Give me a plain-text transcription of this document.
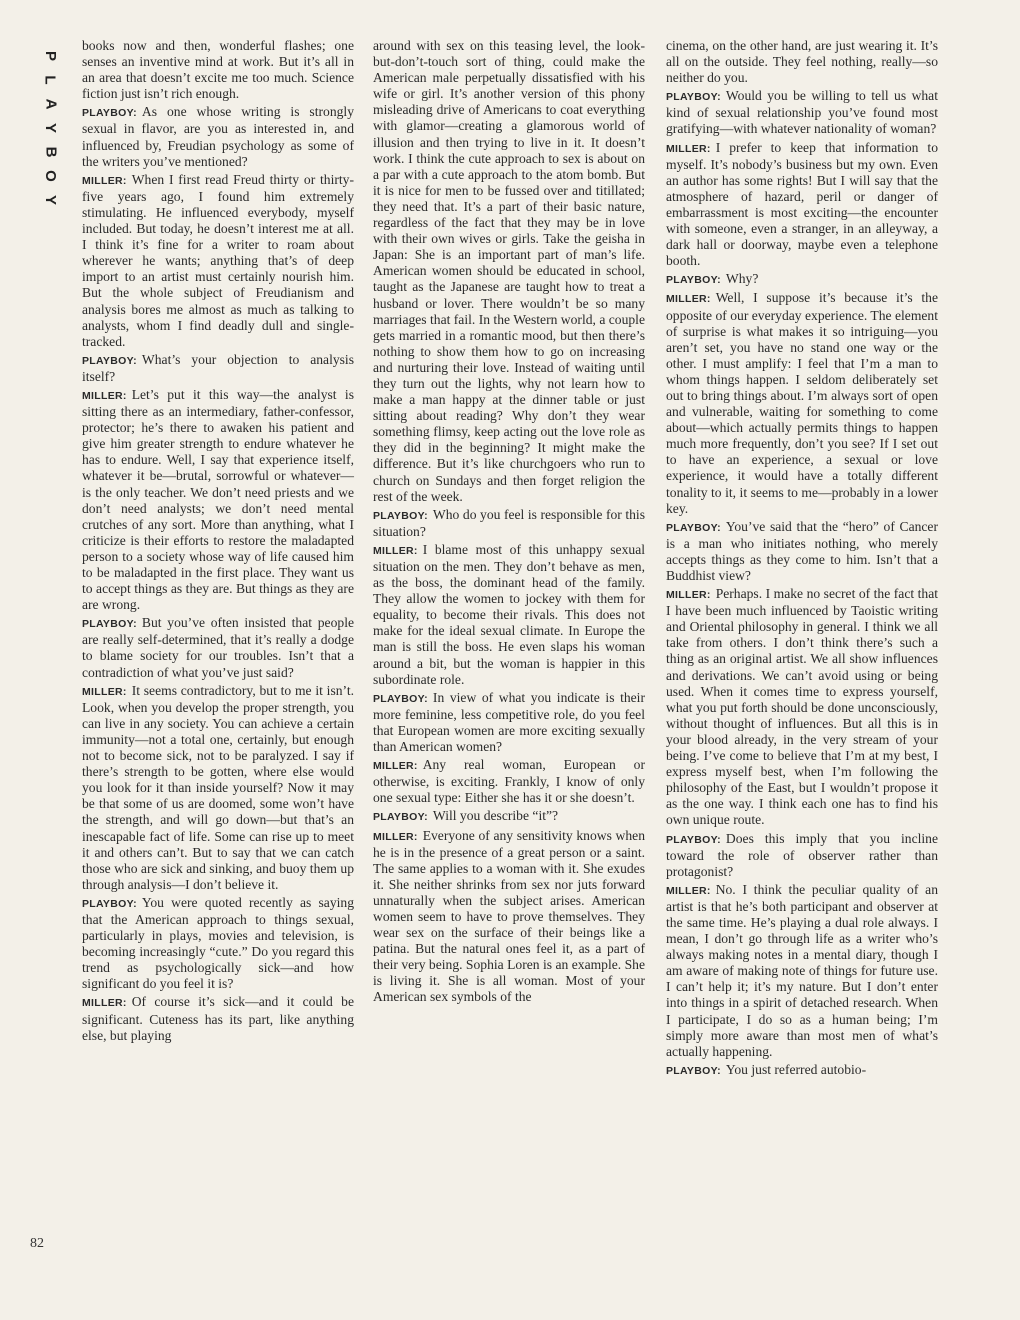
P
L
A
Y
B
O
Y

books now and then, wonderful flashes; one senses an inventive mind at work. But it’s all in an area that doesn’t excite me too much. Science fiction just isn’t rich enough.

PLAYBOY: As one whose writing is strongly sexual in flavor, are you as interested in, and influenced by, Freudian psychology as some of the writers you’ve mentioned?

MILLER: When I first read Freud thirty or thirty-five years ago, I found him extremely stimulating. He influenced everybody, myself included. But today, he doesn’t interest me at all. I think it’s fine for a writer to roam about wherever he wants; anything that’s of deep import to an artist must certainly nourish him. But the whole subject of Freudianism and analysis bores me almost as much as talking to analysts, whom I find deadly dull and single-tracked.

PLAYBOY: What’s your objection to analysis itself?

MILLER: Let’s put it this way—the analyst is sitting there as an intermediary, father-confessor, protector; he’s there to awaken his patient and give him greater strength to endure whatever he has to endure. Well, I say that experience itself, whatever it be—brutal, sorrowful or whatever—is the only teacher. We don’t need priests and we don’t need analysts; we don’t need mental crutches of any sort. More than anything, what I criticize is their efforts to restore the maladapted person to a society whose way of life caused him to be maladapted in the first place. They want us to accept things as they are. But things as they are are wrong.

PLAYBOY: But you’ve often insisted that people are really self-determined, that it’s really a dodge to blame society for our troubles. Isn’t that a contradiction of what you’ve just said?

MILLER: It seems contradictory, but to me it isn’t. Look, when you develop the proper strength, you can live in any society. You can achieve a certain immunity—not a total one, certainly, but enough not to become sick, not to be paralyzed. I say if there’s strength to be gotten, where else would you look for it than inside yourself? Now it may be that some of us are doomed, some won’t have the strength, and will go down—but that’s an inescapable fact of life. Some can rise up to meet it and others can’t. But to say that we can catch those who are sick and sinking, and buoy them up through analysis—I don’t believe it.

PLAYBOY: You were quoted recently as saying that the American approach to things sexual, particularly in plays, movies and television, is becoming increasingly “cute.” Do you regard this trend as psychologically sick—and how significant do you feel it is?

MILLER: Of course it’s sick—and it could be significant. Cuteness has its part, like anything else, but playing

around with sex on this teasing level, the look-but-don’t-touch sort of thing, could make the American male perpetually dissatisfied with his wife or girl. It’s another version of this phony misleading drive of Americans to coat everything with glamor—creating a glamorous world of illusion and then trying to live in it. It doesn’t work. I think the cute approach to sex is about on a par with a cute approach to the atom bomb. But it is nice for men to be fussed over and titillated; they need that. It’s a part of their basic nature, regardless of the fact that they may be in love with their own wives or girls. Take the geisha in Japan: She is an important part of man’s life. American women should be educated in school, taught as the Japanese are taught how to treat a husband or lover. There wouldn’t be so many marriages that fail. In the Western world, a couple gets married in a romantic mood, but then there’s nothing to show them how to go on increasing and nurturing their love. Instead of waiting until they turn out the lights, why not learn how to make a man happy at the dinner table or just sitting about reading? Why don’t they wear something flimsy, keep acting out the love role as they did in the beginning? It might make the difference. But it’s like churchgoers who run to church on Sundays and then forget religion the rest of the week.

PLAYBOY: Who do you feel is responsible for this situation?

MILLER: I blame most of this unhappy sexual situation on the men. They don’t behave as men, as the boss, the dominant head of the family. They allow the women to jockey with them for equality, to become their rivals. This does not make for the ideal sexual climate. In Europe the man is still the boss. He even slaps his woman around a bit, but the woman is happier in this subordinate role.

PLAYBOY: In view of what you indicate is their more feminine, less competitive role, do you feel that European women are more exciting sexually than American women?

MILLER: Any real woman, European or otherwise, is exciting. Frankly, I know of only one sexual type: Either she has it or she doesn’t.

PLAYBOY: Will you describe “it”?

MILLER: Everyone of any sensitivity knows when he is in the presence of a great person or a saint. The same applies to a woman with it. She exudes it. She neither shrinks from sex nor juts forward unnaturally when the subject arises. American women seem to have to prove themselves. They wear sex on the surface of their beings like a patina. But the natural ones feel it, as a part of their very being. Sophia Loren is an example. She is living it. She is all woman. Most of your American sex symbols of the

cinema, on the other hand, are just wearing it. It’s all on the outside. They feel nothing, really—so neither do you.

PLAYBOY: Would you be willing to tell us what kind of sexual relationship you’ve found most gratifying—with whatever nationality of woman?

MILLER: I prefer to keep that information to myself. It’s nobody’s business but my own. Even an author has some rights! But I will say that the atmosphere of hazard, peril or danger of embarrassment is most exciting—the encounter with someone, even a stranger, in an alleyway, a dark hall or doorway, maybe even a telephone booth.

PLAYBOY: Why?

MILLER: Well, I suppose it’s because it’s the opposite of our everyday experience. The element of surprise is what makes it so intriguing—you aren’t set, you have no stand one way or the other. I must amplify: I feel that I’m a man to whom things happen. I seldom deliberately set out to bring things about. I’m always sort of open and vulnerable, waiting for something to come about—which actually permits things to happen much more frequently, don’t you see? If I set out to have an experience, a sexual or love experience, it would have a totally different tonality to it, it seems to me—probably in a lower key.

PLAYBOY: You’ve said that the “hero” of Cancer is a man who initiates nothing, who merely accepts things as they come to him. Isn’t that a Buddhist view?

MILLER: Perhaps. I make no secret of the fact that I have been much influenced by Taoistic writing and Oriental philosophy in general. I think we all take from others. I don’t think there’s such a thing as an original artist. We all show influences and derivations. We can’t avoid using or being used. When it comes time to express yourself, what you put forth should be done unconsciously, without thought of influences. But all this is in your blood already, in the very stream of your being. I’ve come to believe that I’m at my best, I express myself best, when I’m following the philosophy of the East, but I wouldn’t propose it as the one way. I think each one has to find his own unique route.

PLAYBOY: Does this imply that you incline toward the role of observer rather than protagonist?

MILLER: No. I think the peculiar quality of an artist is that he’s both participant and observer at the same time. He’s playing a dual role always. I mean, I don’t go through life as a writer who’s always making notes in a mental diary, though I am aware of making note of things for future use. I can’t help it; it’s my nature. But I don’t enter into things in a spirit of detached research. When I participate, I do so as a human being; I’m simply more aware than most men of what’s actually happening.

PLAYBOY: You just referred autobio-

82
